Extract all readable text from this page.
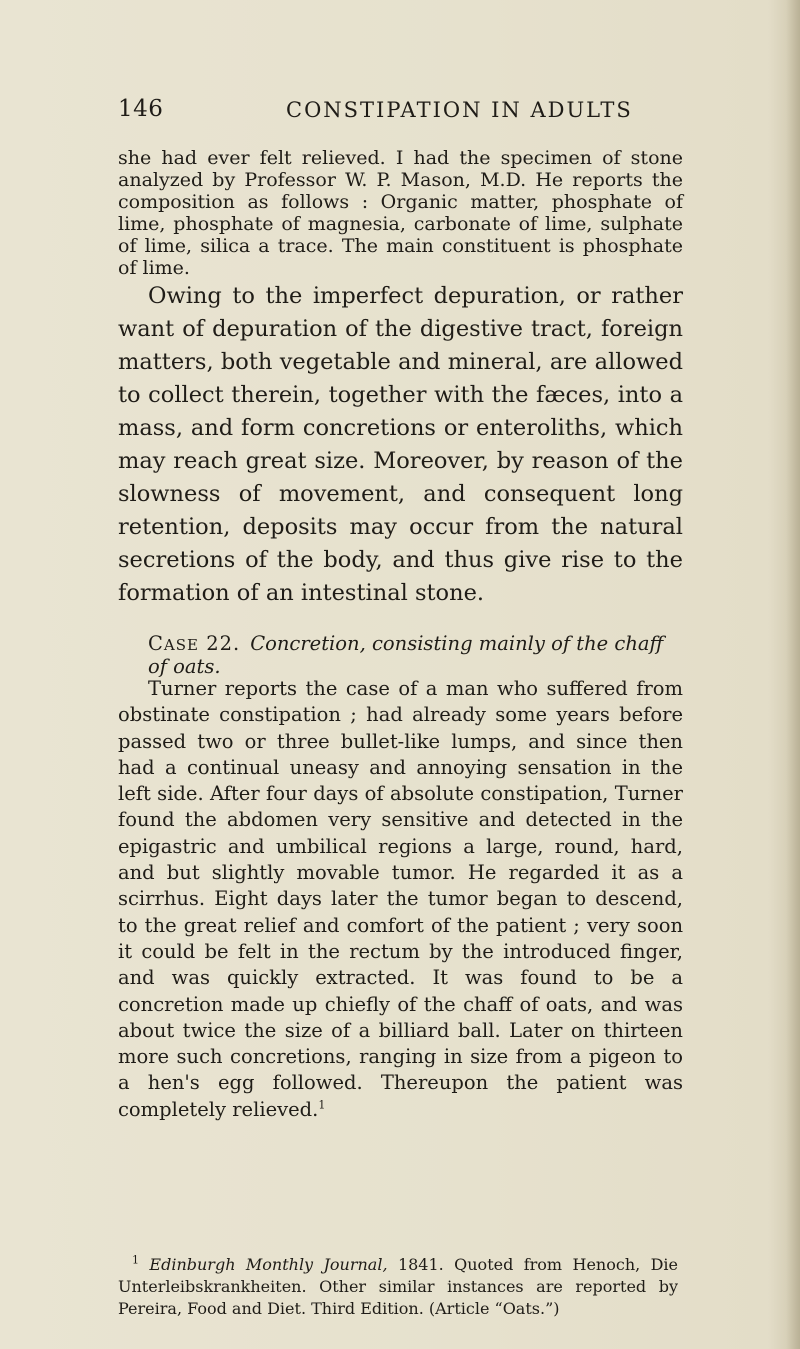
146	CONSTIPATION IN ADULTS

she had ever felt relieved. I had the specimen of stone analyzed by Professor W. P. Mason, M.D. He reports the composition as follows : Organic matter, phosphate of lime, phosphate of magnesia, carbonate of lime, sulphate of lime, silica a trace. The main constituent is phosphate of lime.

Owing to the imperfect depuration, or rather want of depuration of the digestive tract, foreign matters, both vegetable and mineral, are allowed to collect therein, together with the fæces, into a mass, and form concretions or enteroliths, which may reach great size. Moreover, by reason of the slowness of movement, and consequent long retention, deposits may occur from the natural secretions of the body, and thus give rise to the formation of an intestinal stone.

CASE 22. Concretion, consisting mainly of the chaff of oats.

Turner reports the case of a man who suffered from obstinate constipation ; had already some years before passed two or three bullet-like lumps, and since then had a continual uneasy and annoying sensation in the left side. After four days of absolute constipation, Turner found the abdomen very sensitive and detected in the epigastric and umbilical regions a large, round, hard, and but slightly movable tumor. He regarded it as a scirrhus. Eight days later the tumor began to descend, to the great relief and comfort of the patient ; very soon it could be felt in the rectum by the introduced finger, and was quickly extracted. It was found to be a concretion made up chiefly of the chaff of oats, and was about twice the size of a billiard ball. Later on thirteen more such concretions, ranging in size from a pigeon to a hen's egg followed. Thereupon the patient was completely relieved.$^1$

$^1$ Edinburgh Monthly Journal, 1841. Quoted from Henoch, Die Unterleibskrankheiten. Other similar instances are reported by Pereira, Food and Diet. Third Edition. (Article “Oats.”)
